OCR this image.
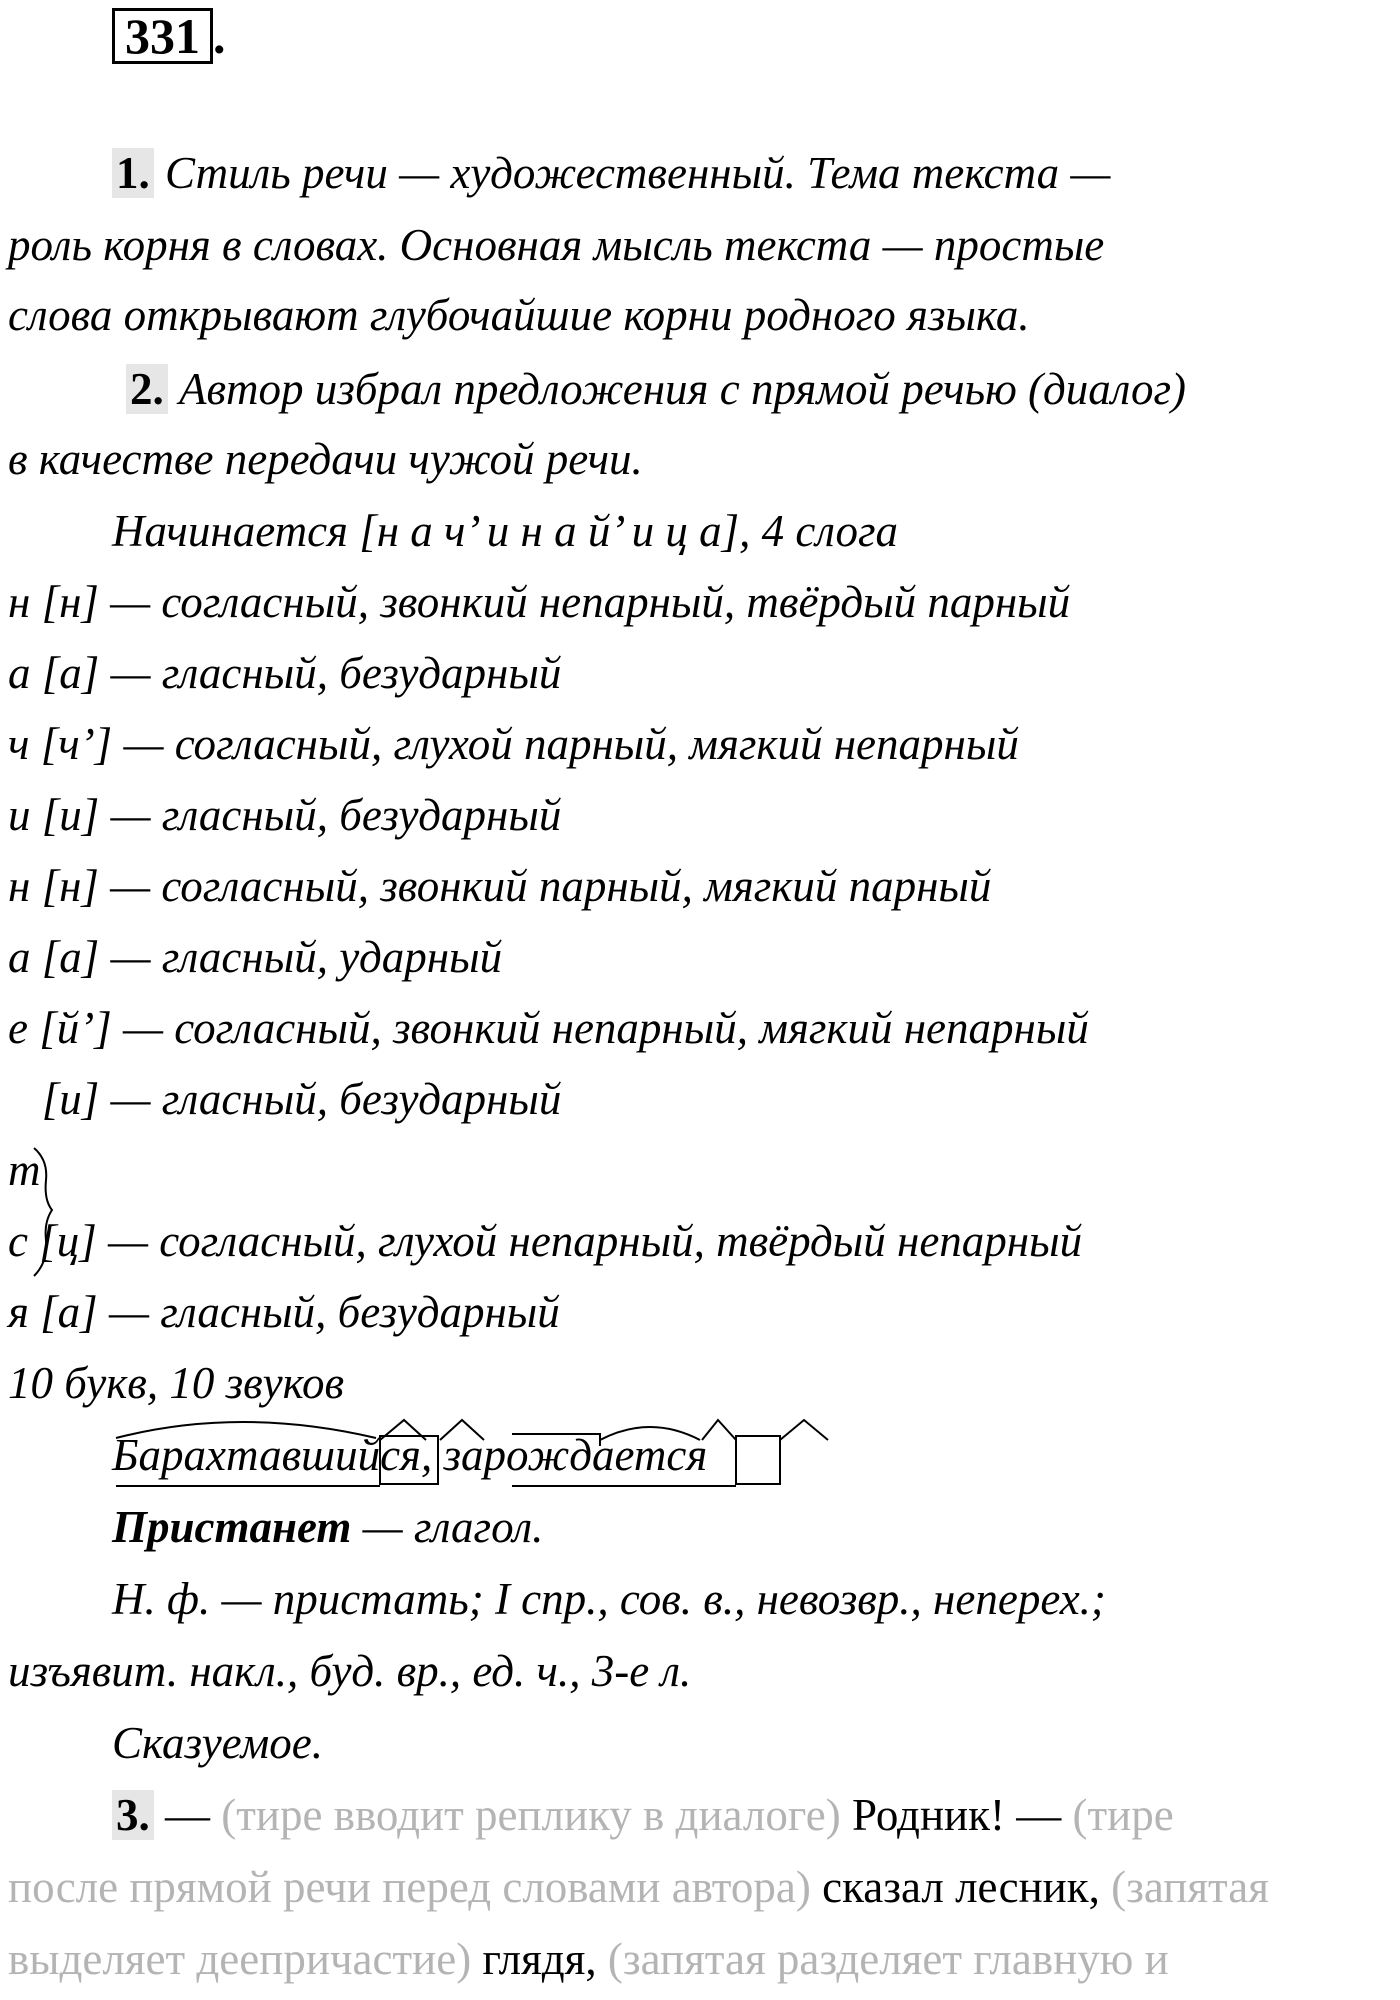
331 .
1. Стиль речи — художественный. Тема текста —
роль корня в словах. Основная мысль текста — простые
слова открывают глубочайшие корни родного языка.
2. Автор избрал предложения с прямой речью (диалог)
в качестве передачи чужой речи.
Начинается [н а ч’ и н а й’ и ц а], 4 слога
н [н] — согласный, звонкий непарный, твёрдый парный
а [а] — гласный, безударный
ч [ч’] — согласный, глухой парный, мягкий непарный
и [и] — гласный, безударный
н [н] — согласный, звонкий парный, мягкий парный
а [а] — гласный, ударный
е [й’] — согласный, звонкий непарный, мягкий непарный
[и] — гласный, безударный
т
с [ц] — согласный, глухой непарный, твёрдый непарный
я [а] — гласный, безударный
10 букв, 10 звуков
Барахтавшийся, зарождается
Пристанет — глагол.
Н. ф. — пристать; I спр., сов. в., невозвр., неперех.;
изъявит. накл., буд. вр., ед. ч., 3-е л.
Сказуемое.
3. — (тире вводит реплику в диалоге) Родник! — (тире
после прямой речи перед словами автора) сказал лесник, (запятая
выделяет деепричастие) глядя, (запятая разделяет главную и
